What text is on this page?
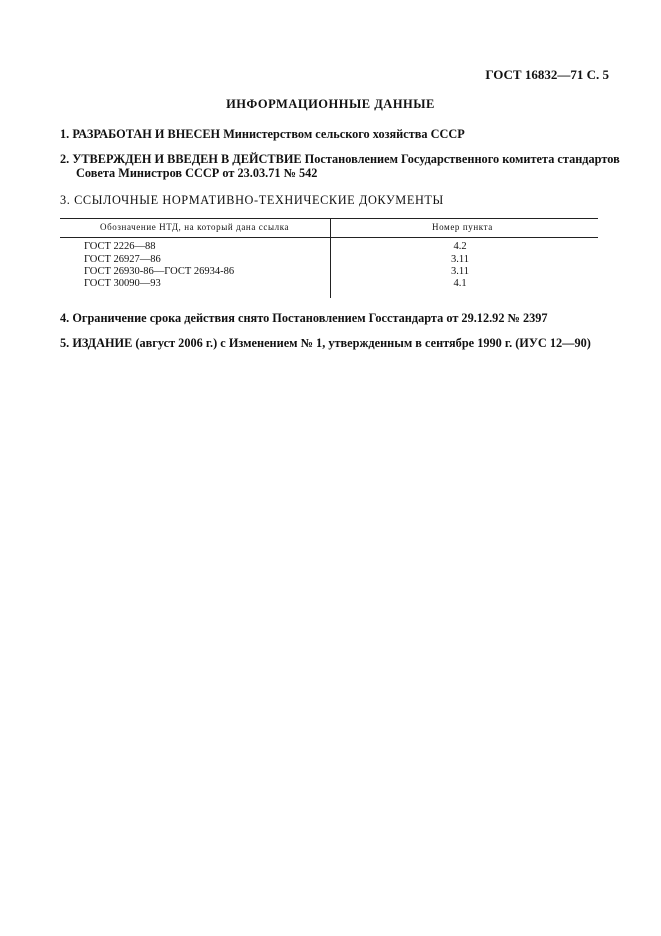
ГОСТ 16832—71 С. 5
ИНФОРМАЦИОННЫЕ ДАННЫЕ
1. РАЗРАБОТАН И ВНЕСЕН Министерством сельского хозяйства СССР
2. УТВЕРЖДЕН И ВВЕДЕН В ДЕЙСТВИЕ Постановлением Государственного комитета стандартов
Совета Министров СССР от 23.03.71 № 542
3. ССЫЛОЧНЫЕ НОРМАТИВНО-ТЕХНИЧЕСКИЕ ДОКУМЕНТЫ
Обозначение НТД, на который дана ссылка	Номер пункта
ГОСТ 2226—88	4.2
ГОСТ 26927—86	3.11
ГОСТ 26930-86—ГОСТ 26934-86	3.11
ГОСТ 30090—93	4.1
4. Ограничение срока действия снято Постановлением Госстандарта от 29.12.92 № 2397
5. ИЗДАНИЕ (август 2006 г.) с Изменением № 1, утвержденным в сентябре 1990 г. (ИУС 12—90)
